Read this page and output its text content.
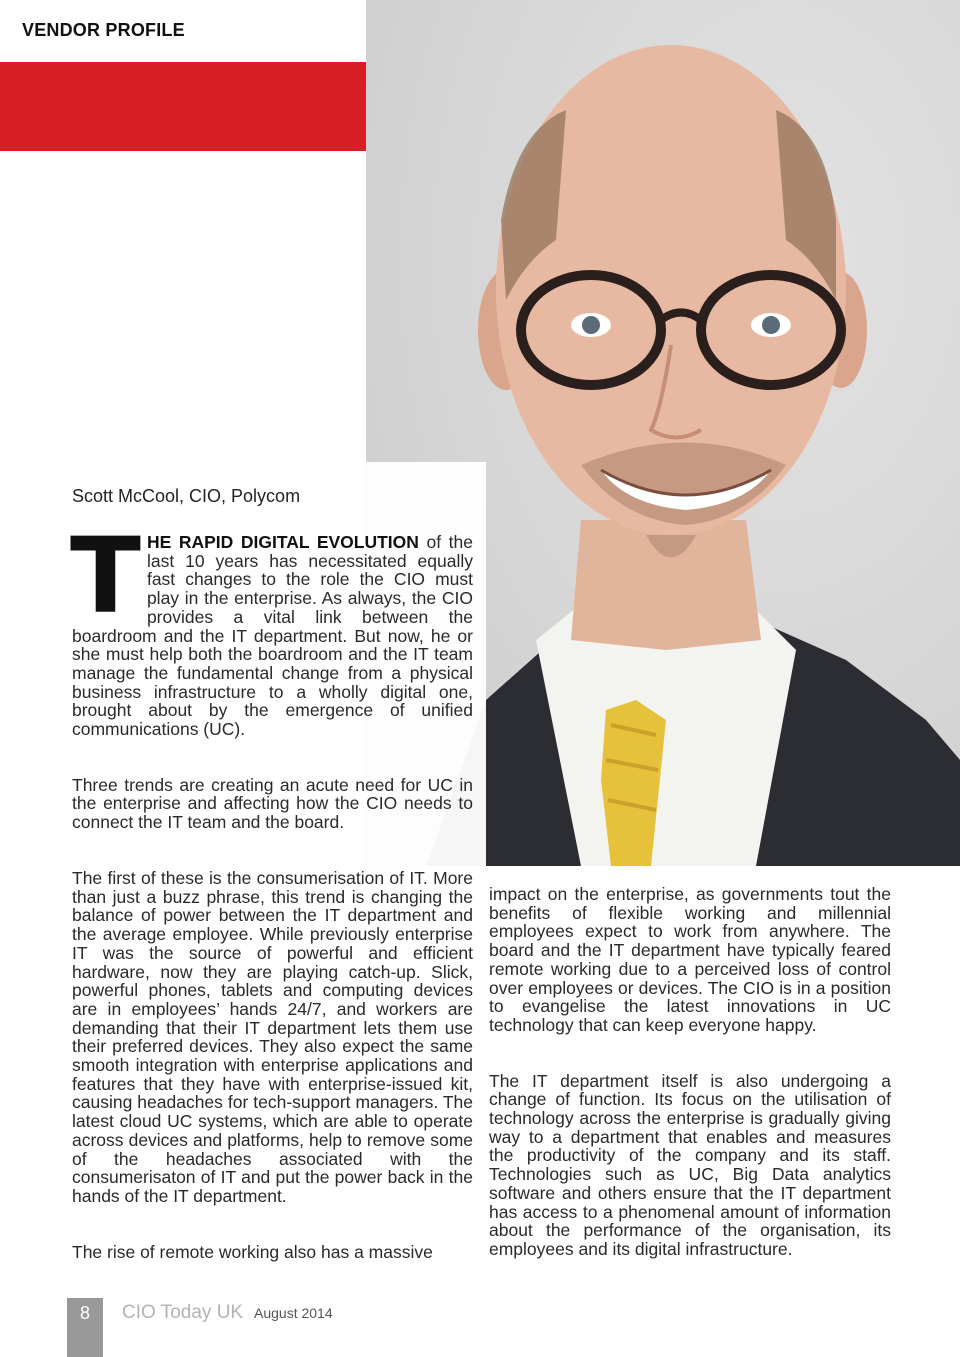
VENDOR PROFILE
Scott McCool, CIO, Polycom

THE RAPID DIGITAL EVOLUTION of the last 10 years has necessitated equally fast changes to the role the CIO must play in the enterprise. As always, the CIO provides a vital link between the boardroom and the IT department. But now, he or she must help both the boardroom and the IT team manage the fundamental change from a physical business infrastructure to a wholly digital one, brought about by the emergence of unified communications (UC).

Three trends are creating an acute need for UC in the enterprise and affecting how the CIO needs to connect the IT team and the board.

The first of these is the consumerisation of IT. More than just a buzz phrase, this trend is changing the balance of power between the IT department and the average employee. While previously enterprise IT was the source of powerful and efficient hardware, now they are playing catch-up. Slick, powerful phones, tablets and computing devices are in employees’ hands 24/7, and workers are demanding that their IT department lets them use their preferred devices. They also expect the same smooth integration with enterprise applications and features that they have with enterprise-issued kit, causing headaches for tech-support managers. The latest cloud UC systems, which are able to operate across devices and platforms, help to remove some of the headaches associated with the consumerisaton of IT and put the power back in the hands of the IT department.

The rise of remote working also has a massive

impact on the enterprise, as governments tout the benefits of flexible working and millennial employees expect to work from anywhere. The board and the IT department have typically feared remote working due to a perceived loss of control over employees or devices. The CIO is in a position to evangelise the latest innovations in UC technology that can keep everyone happy.

The IT department itself is also undergoing a change of function. Its focus on the utilisation of technology across the enterprise is gradually giving way to a department that enables and measures the productivity of the company and its staff. Technologies such as UC, Big Data analytics software and others ensure that the IT department has access to a phenomenal amount of information about the performance of the organisation, its employees and its digital infrastructure.

8	CIO Today UK August 2014
